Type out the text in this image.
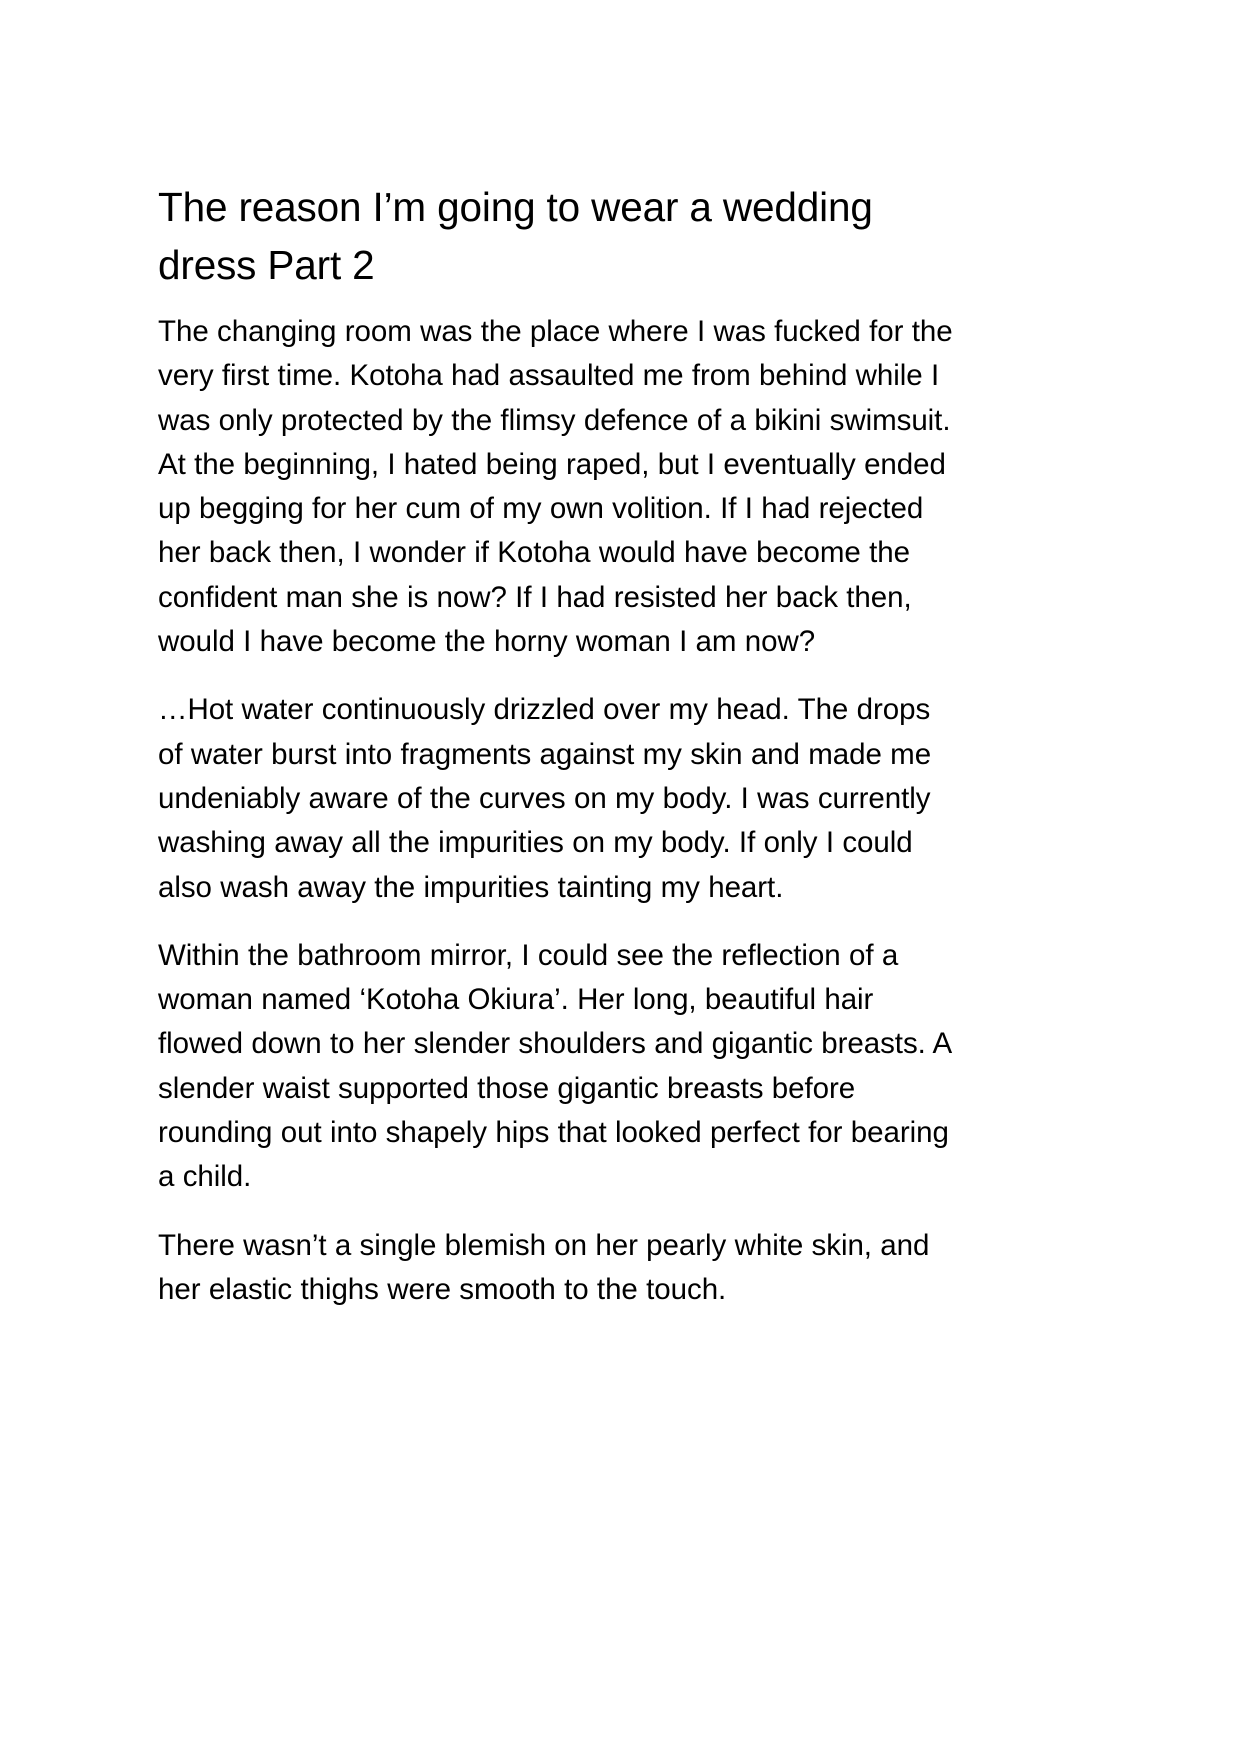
The reason I’m going to wear a wedding dress Part 2

The changing room was the place where I was fucked for the very first time. Kotoha had assaulted me from behind while I was only protected by the flimsy defence of a bikini swimsuit. At the beginning, I hated being raped, but I eventually ended up begging for her cum of my own volition. If I had rejected her back then, I wonder if Kotoha would have become the confident man she is now? If I had resisted her back then, would I have become the horny woman I am now?

…Hot water continuously drizzled over my head. The drops of water burst into fragments against my skin and made me undeniably aware of the curves on my body. I was currently washing away all the impurities on my body. If only I could also wash away the impurities tainting my heart.

Within the bathroom mirror, I could see the reflection of a woman named ‘Kotoha Okiura’. Her long, beautiful hair flowed down to her slender shoulders and gigantic breasts. A slender waist supported those gigantic breasts before rounding out into shapely hips that looked perfect for bearing a child.

There wasn’t a single blemish on her pearly white skin, and her elastic thighs were smooth to the touch.
